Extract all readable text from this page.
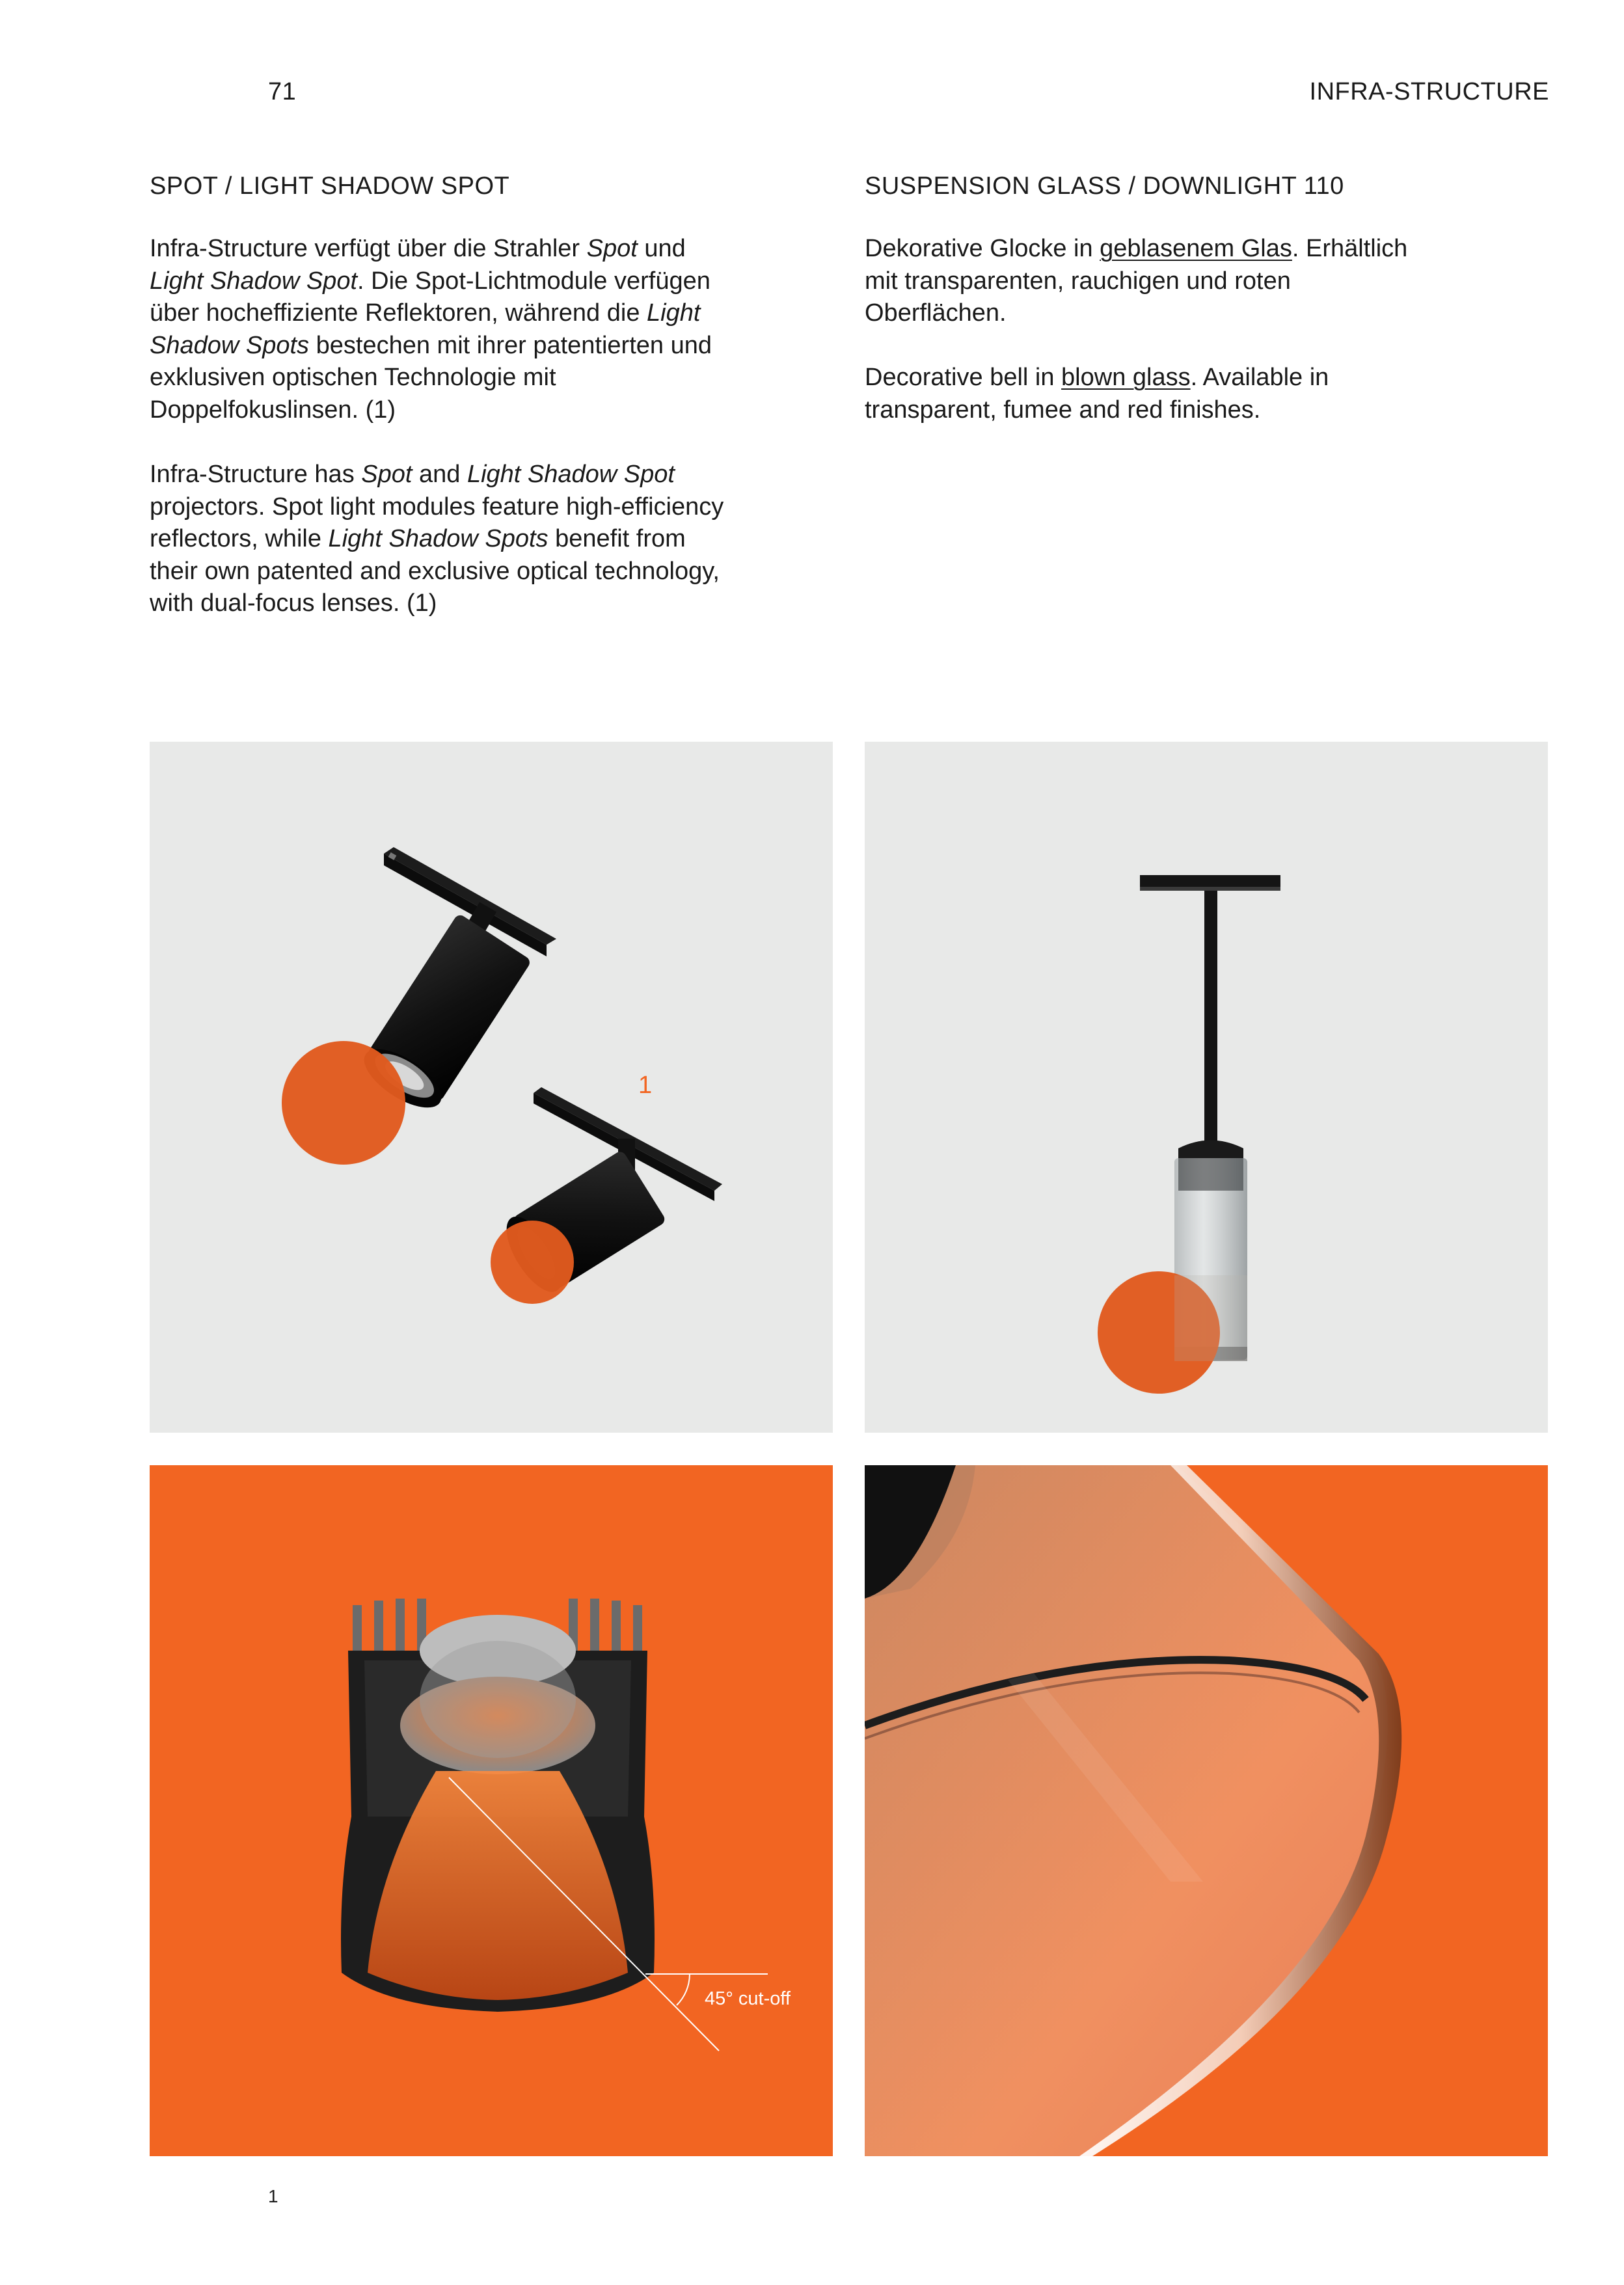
71	INFRA-STRUCTURE
SPOT / LIGHT SHADOW SPOT

Infra-Structure verfügt über die Strahler Spot und Light Shadow Spot. Die Spot-Lichtmodule verfügen über hocheffiziente Reflektoren, während die Light Shadow Spots bestechen mit ihrer patentierten und exklusiven optischen Technologie mit Doppelfokuslinsen. (1)

Infra-Structure has Spot and Light Shadow Spot projectors. Spot light modules feature high-efficiency reflectors, while Light Shadow Spots benefit from their own patented and exclusive optical technology, with dual-focus lenses. (1)

SUSPENSION GLASS / DOWNLIGHT 110

Dekorative Glocke in geblasenem Glas. Erhältlich mit transparenten, rauchigen und roten Oberflächen.

Decorative bell in blown glass. Available in transparent, fumee and red finishes.

1
45° cut-off
1
